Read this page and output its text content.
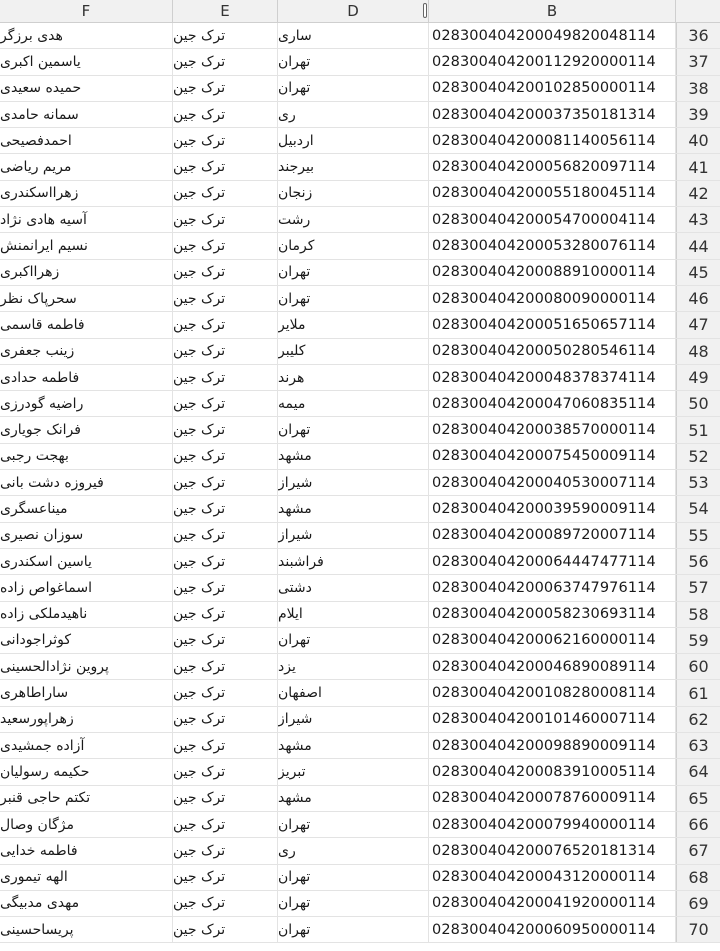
F	E	D	B
هدی برزگر	ترک جین	ساری	028300404200049820048114	36
یاسمین اکبری	ترک جین	تهران	028300404200112920000114	37
حمیده سعیدی	ترک جین	تهران	028300404200102850000114	38
سمانه حامدی	ترک جین	ری	028300404200037350181314	39
احمدفصیحی	ترک جین	اردبیل	028300404200081140056114	40
مریم ریاضی	ترک جین	بیرجند	028300404200056820097114	41
زهرااسکندری	ترک جین	زنجان	028300404200055180045114	42
آسیه هادی نژاد	ترک جین	رشت	028300404200054700004114	43
نسیم ایرانمنش	ترک جین	کرمان	028300404200053280076114	44
زهرااکبری	ترک جین	تهران	028300404200088910000114	45
سحرپاک نظر	ترک جین	تهران	028300404200080090000114	46
فاطمه قاسمی	ترک جین	ملایر	028300404200051650657114	47
زینب جعفری	ترک جین	کلیبر	028300404200050280546114	48
فاطمه حدادی	ترک جین	هرند	028300404200048378374114	49
راضیه گودرزی	ترک جین	میمه	028300404200047060835114	50
فرانک جویاری	ترک جین	تهران	028300404200038570000114	51
بهجت رجبی	ترک جین	مشهد	028300404200075450009114	52
فیروزه دشت بانی	ترک جین	شیراز	028300404200040530007114	53
میناعسگری	ترک جین	مشهد	028300404200039590009114	54
سوزان نصیری	ترک جین	شیراز	028300404200089720007114	55
یاسین اسکندری	ترک جین	فراشبند	028300404200064447477114	56
اسماغواص زاده	ترک جین	دشتی	028300404200063747976114	57
ناهیدملکی زاده	ترک جین	ایلام	028300404200058230693114	58
کوثراجودانی	ترک جین	تهران	028300404200062160000114	59
پروین نژادالحسینی	ترک جین	یزد	028300404200046890089114	60
ساراطاهری	ترک جین	اصفهان	028300404200108280008114	61
زهراپورسعید	ترک جین	شیراز	028300404200101460007114	62
آزاده جمشیدی	ترک جین	مشهد	028300404200098890009114	63
حکیمه رسولیان	ترک جین	تبریز	028300404200083910005114	64
تکتم حاجی قنبر	ترک جین	مشهد	028300404200078760009114	65
مژگان وصال	ترک جین	تهران	028300404200079940000114	66
فاطمه خدایی	ترک جین	ری	028300404200076520181314	67
الهه تیموری	ترک جین	تهران	028300404200043120000114	68
مهدی مدبیگی	ترک جین	تهران	028300404200041920000114	69
پریساحسینی	ترک جین	تهران	028300404200060950000114	70
